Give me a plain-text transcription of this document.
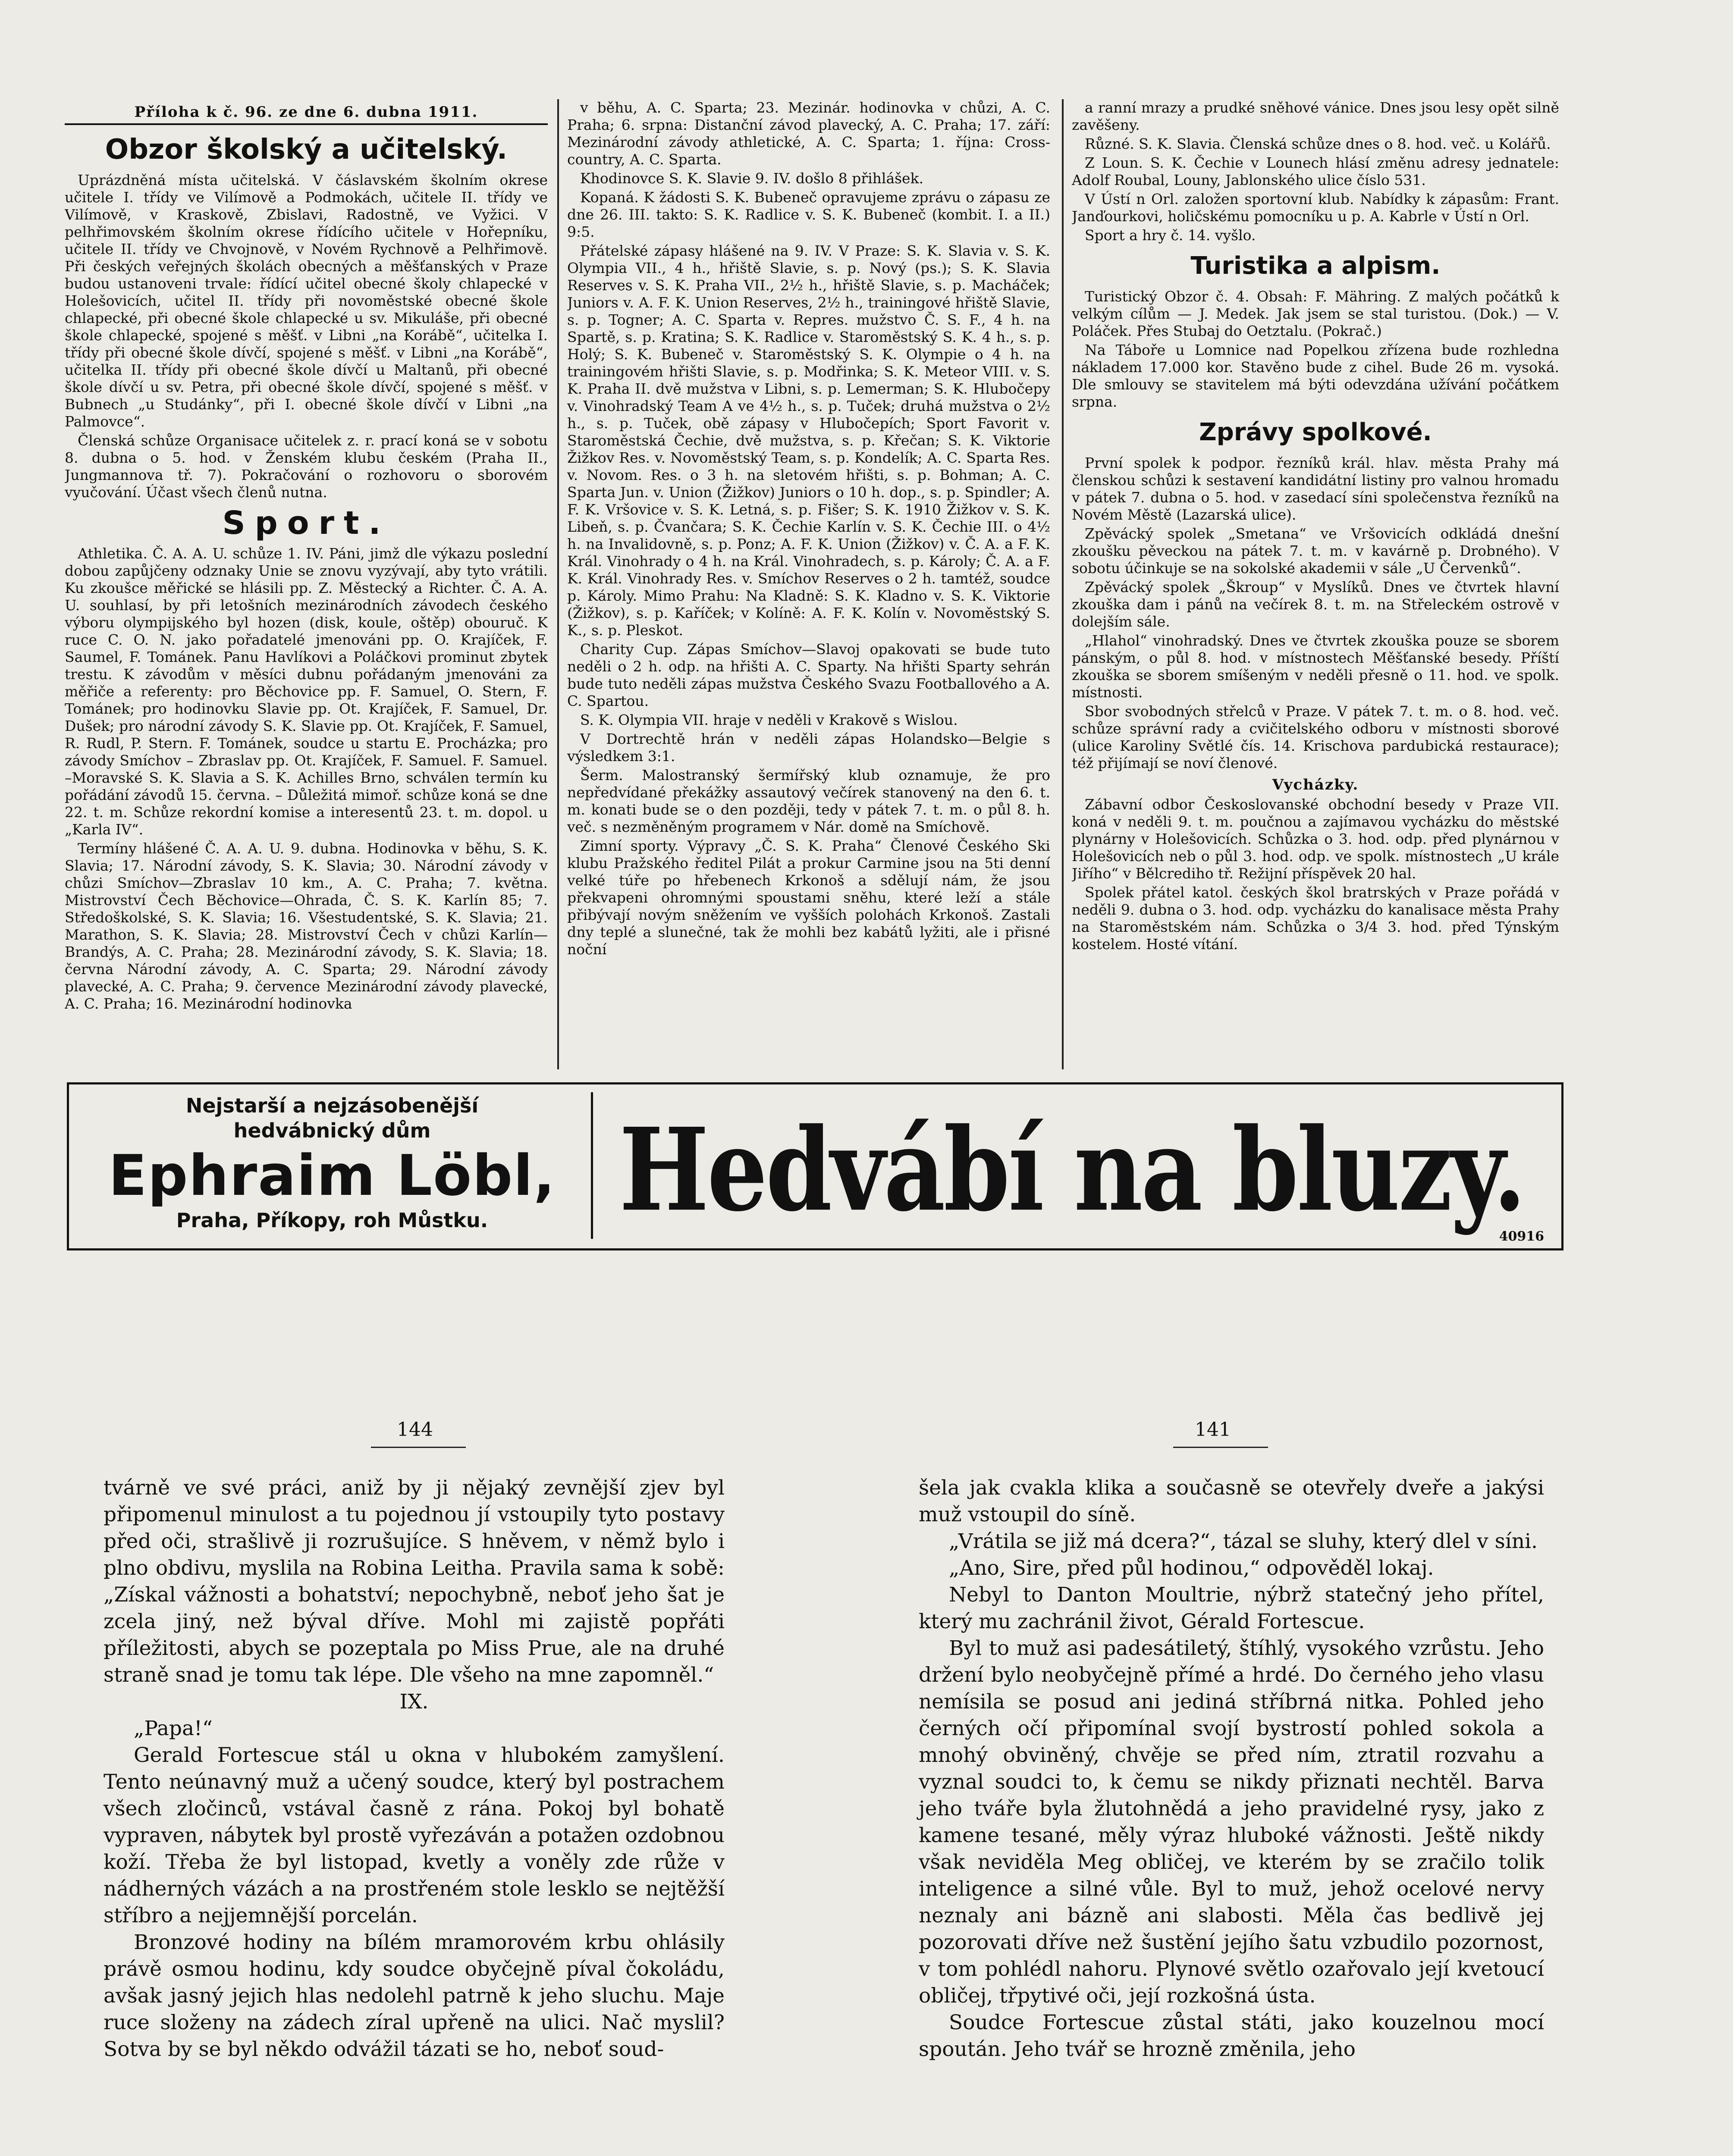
Příloha k č. 96. ze dne 6. dubna 1911.
Obzor školský a učitelský.

Uprázdněná místa učitelská. V čáslavském školním okrese učitele I. třídy ve Vilímově a Podmokách, učitele II. třídy ve Vilímově, v Kraskově, Zbislavi, Radostně, ve Vyžici. V pelhřimovském školním okrese řídícího učitele v Hořepníku, učitele II. třídy ve Chvojnově, v Novém Rychnově a Pelhřimově. Při českých veřejných školách obecných a měšťanských v Praze budou ustanoveni trvale: řídící učitel obecné školy chlapecké v Holešovicích, učitel II. třídy při novoměstské obecné škole chlapecké, při obecné škole chlapecké u sv. Mikuláše, při obecné škole chlapecké, spojené s měšť. v Libni „na Korábě“, učitelka I. třídy při obecné škole dívčí, spojené s měšť. v Libni „na Korábě“, učitelka II. třídy při obecné škole dívčí u Maltanů, při obecné škole dívčí u sv. Petra, při obecné škole dívčí, spojené s měšť. v Bubnech „u Studánky“, při I. obecné škole dívčí v Libni „na Palmovce“.

Členská schůze Organisace učitelek z. r. prací koná se v sobotu 8. dubna o 5. hod. v Ženském klubu českém (Praha II., Jungmannova tř. 7). Pokračování o rozhovoru o sborovém vyučování. Účast všech členů nutna.

Sport.

Athletika. Č. A. A. U. schůze 1. IV. Páni, jimž dle výkazu poslední dobou zapůjčeny odznaky Unie se znovu vyzývají, aby tyto vrátili. Ku zkoušce měřické se hlásili pp. Z. Městecký a Richter. Č. A. A. U. souhlasí, by při letošních mezinárodních závodech českého výboru olympijského byl hozen (disk, koule, oštěp) obouruč. K ruce C. O. N. jako pořadatelé jmenováni pp. O. Krajíček, F. Saumel, F. Tománek. Panu Havlíkovi a Poláčkovi prominut zbytek trestu. K závodům v měsíci dubnu pořádaným jmenováni za měřiče a referenty: pro Běchovice pp. F. Samuel, O. Stern, F. Tománek; pro hodinovku Slavie pp. Ot. Krajíček, F. Samuel, Dr. Dušek; pro národní závody S. K. Slavie pp. Ot. Krajíček, F. Samuel, R. Rudl, P. Stern. F. Tománek, soudce u startu E. Procházka; pro závody Smíchov – Zbraslav pp. Ot. Krajíček, F. Samuel. F. Samuel. –Moravské S. K. Slavia a S. K. Achilles Brno, schválen termín ku pořádání závodů 15. června. – Důležitá mimoř. schůze koná se dne 22. t. m. Schůze rekordní komise a interesentů 23. t. m. dopol. u „Karla IV“.

Termíny hlášené Č. A. A. U. 9. dubna. Hodinovka v běhu, S. K. Slavia; 17. Národní závody, S. K. Slavia; 30. Národní závody v chůzi Smíchov—Zbraslav 10 km., A. C. Praha; 7. května. Mistrovství Čech Běchovice—Ohrada, Č. S. K. Karlín 85; 7. Středoškolské, S. K. Slavia; 16. Všestudentské, S. K. Slavia; 21. Marathon, S. K. Slavia; 28. Mistrovství Čech v chůzi Karlín—Brandýs, A. C. Praha; 28. Mezinárodní závody, S. K. Slavia; 18. června Národní závody, A. C. Sparta; 29. Národní závody plavecké, A. C. Praha; 9. července Mezinárodní závody plavecké, A. C. Praha; 16. Mezinárodní hodinovka

v běhu, A. C. Sparta; 23. Mezinár. hodinovka v chůzi, A. C. Praha; 6. srpna: Distanční závod plavecký, A. C. Praha; 17. září: Mezinárodní závody athletické, A. C. Sparta; 1. října: Cross-country, A. C. Sparta.

Khodinovce S. K. Slavie 9. IV. došlo 8 přihlášek.

Kopaná. K žádosti S. K. Bubeneč opravujeme zprávu o zápasu ze dne 26. III. takto: S. K. Radlice v. S. K. Bubeneč (kombit. I. a II.) 9:5.

Přátelské zápasy hlášené na 9. IV. V Praze: S. K. Slavia v. S. K. Olympia VII., 4 h., hřiště Slavie, s. p. Nový (ps.); S. K. Slavia Reserves v. S. K. Praha VII., 2½ h., hřiště Slavie, s. p. Macháček; Juniors v. A. F. K. Union Reserves, 2½ h., trainingové hřiště Slavie, s. p. Togner; A. C. Sparta v. Repres. mužstvo Č. S. F., 4 h. na Spartě, s. p. Kratina; S. K. Radlice v. Staroměstský S. K. 4 h., s. p. Holý; S. K. Bubeneč v. Staroměstský S. K. Olympie o 4 h. na trainingovém hřišti Slavie, s. p. Modřinka; S. K. Meteor VIII. v. S. K. Praha II. dvě mužstva v Libni, s. p. Lemerman; S. K. Hlubočepy v. Vinohradský Team A ve 4½ h., s. p. Tuček; druhá mužstva o 2½ h., s. p. Tuček, obě zápasy v Hlubočepích; Sport Favorit v. Staroměstská Čechie, dvě mužstva, s. p. Křečan; S. K. Viktorie Žižkov Res. v. Novoměstský Team, s. p. Kondelík; A. C. Sparta Res. v. Novom. Res. o 3 h. na sletovém hřišti, s. p. Bohman; A. C. Sparta Jun. v. Union (Žižkov) Juniors o 10 h. dop., s. p. Spindler; A. F. K. Vršovice v. S. K. Letná, s. p. Fišer; S. K. 1910 Žižkov v. S. K. Libeň, s. p. Čvančara; S. K. Čechie Karlín v. S. K. Čechie III. o 4½ h. na Invalidovně, s. p. Ponz; A. F. K. Union (Žižkov) v. Č. A. a F. K. Král. Vinohrady o 4 h. na Král. Vinohradech, s. p. Károly; Č. A. a F. K. Král. Vinohrady Res. v. Smíchov Reserves o 2 h. tamtéž, soudce p. Károly. Mimo Prahu: Na Kladně: S. K. Kladno v. S. K. Viktorie (Žižkov), s. p. Kaříček; v Kolíně: A. F. K. Kolín v. Novoměstský S. K., s. p. Pleskot.

Charity Cup. Zápas Smíchov—Slavoj opakovati se bude tuto neděli o 2 h. odp. na hřišti A. C. Sparty. Na hřišti Sparty sehrán bude tuto neděli zápas mužstva Českého Svazu Footballového a A. C. Spartou.

S. K. Olympia VII. hraje v neděli v Krakově s Wislou.

V Dortrechtě hrán v neděli zápas Holandsko—Belgie s výsledkem 3:1.

Šerm. Malostranský šermířský klub oznamuje, že pro nepředvídané překážky assautový večírek stanovený na den 6. t. m. konati bude se o den později, tedy v pátek 7. t. m. o půl 8. h. več. s nezměněným programem v Nár. domě na Smíchově.

Zimní sporty. Výpravy „Č. S. K. Praha“ Členové Českého Ski klubu Pražského ředitel Pilát a prokur Carmine jsou na 5ti denní velké túře po hřebenech Krkonoš a sdělují nám, že jsou překvapeni ohromnými spoustami sněhu, které leží a stále přibývají novým sněžením ve vyšších polohách Krkonoš. Zastali dny teplé a slunečné, tak že mohli bez kabátů lyžiti, ale i přisné noční

a ranní mrazy a prudké sněhové vánice. Dnes jsou lesy opět silně zavěšeny.

Různé. S. K. Slavia. Členská schůze dnes o 8. hod. več. u Kolářů.

Z Loun. S. K. Čechie v Lounech hlásí změnu adresy jednatele: Adolf Roubal, Louny, Jablonského ulice číslo 531.

V Ústí n Orl. založen sportovní klub. Nabídky k zápasům: Frant. Janďourkovi, holičskému pomocníku u p. A. Kabrle v Ústí n Orl.

Sport a hry č. 14. vyšlo.

Turistika a alpism.

Turistický Obzor č. 4. Obsah: F. Mähring. Z malých počátků k velkým cílům — J. Medek. Jak jsem se stal turistou. (Dok.) — V. Poláček. Přes Stubaj do Oetztalu. (Pokrač.)

Na Táboře u Lomnice nad Popelkou zřízena bude rozhledna nákladem 17.000 kor. Stavěno bude z cihel. Bude 26 m. vysoká. Dle smlouvy se stavitelem má býti odevzdána užívání počátkem srpna.

Zprávy spolkové.

První spolek k podpor. řezníků král. hlav. města Prahy má členskou schůzi k sestavení kandidátní listiny pro valnou hromadu v pátek 7. dubna o 5. hod. v zasedací síni společenstva řezníků na Novém Městě (Lazarská ulice).

Zpěvácký spolek „Smetana“ ve Vršovicích odkládá dnešní zkoušku pěveckou na pátek 7. t. m. v kavárně p. Drobného). V sobotu účinkuje se na sokolské akademii v sále „U Červenků“.

Zpěvácký spolek „Škroup“ v Myslíků. Dnes ve čtvrtek hlavní zkouška dam i pánů na večírek 8. t. m. na Střeleckém ostrově v dolejším sále.

„Hlahol“ vinohradský. Dnes ve čtvrtek zkouška pouze se sborem pánským, o půl 8. hod. v místnostech Měšťanské besedy. Příští zkouška se sborem smíšeným v neděli přesně o 11. hod. ve spolk. místnosti.

Sbor svobodných střelců v Praze. V pátek 7. t. m. o 8. hod. več. schůze správní rady a cvičitelského odboru v místnosti sborové (ulice Karoliny Světlé čís. 14. Krischova pardubická restaurace); též přijímají se noví členové.

Vycházky.

Zábavní odbor Českoslovanské obchodní besedy v Praze VII. koná v neděli 9. t. m. poučnou a zajímavou vycházku do městské plynárny v Holešovicích. Schůzka o 3. hod. odp. před plynárnou v Holešovicích neb o půl 3. hod. odp. ve spolk. místnostech „U krále Jiřího“ v Bělcrediho tř. Režijní příspěvek 20 hal.

Spolek přátel katol. českých škol bratrských v Praze pořádá v neděli 9. dubna o 3. hod. odp. vycházku do kanalisace města Prahy na Staroměstském nám. Schůzka o 3/4 3. hod. před Týnským kostelem. Hosté vítání.

Nejstarší a nejzásobenější
hedvábnický dům
Ephraim Löbl,
Praha, Příkopy, roh Můstku.	Hedvábí na bluzy.
40916
144	141

tvárně ve své práci, aniž by ji nějaký zevnější zjev byl připomenul minulost a tu pojednou jí vstoupily tyto postavy před oči, strašlivě ji rozrušujíce. S hněvem, v němž bylo i plno obdivu, myslila na Robina Leitha. Pravila sama k sobě: „Získal vážnosti a bohatství; nepochybně, neboť jeho šat je zcela jiný, než býval dříve. Mohl mi zajistě popřáti příležitosti, abych se pozeptala po Miss Prue, ale na druhé straně snad je tomu tak lépe. Dle všeho na mne zapomněl.“

IX.

„Papa!“

Gerald Fortescue stál u okna v hlubokém zamyšlení. Tento neúnavný muž a učený soudce, který byl postrachem všech zločinců, vstával časně z rána. Pokoj byl bohatě vypraven, nábytek byl prostě vyřezáván a potažen ozdobnou koží. Třeba že byl listopad, kvetly a voněly zde růže v nádherných vázách a na prostřeném stole lesklo se nejtěžší stříbro a nejjemnější porcelán.

Bronzové hodiny na bílém mramorovém krbu ohlásily právě osmou hodinu, kdy soudce obyčejně píval čokoládu, avšak jasný jejich hlas nedolehl patrně k jeho sluchu. Maje ruce složeny na zádech zíral upřeně na ulici. Nač myslil? Sotva by se byl někdo odvážil tázati se ho, neboť soud-

šela jak cvakla klika a současně se otevřely dveře a jakýsi muž vstoupil do síně.

„Vrátila se již má dcera?“, tázal se sluhy, který dlel v síni.

„Ano, Sire, před půl hodinou,“ odpověděl lokaj.

Nebyl to Danton Moultrie, nýbrž statečný jeho přítel, který mu zachránil život, Gérald Fortescue.

Byl to muž asi padesátiletý, štíhlý, vysokého vzrůstu. Jeho držení bylo neobyčejně přímé a hrdé. Do černého jeho vlasu nemísila se posud ani jediná stříbrná nitka. Pohled jeho černých očí připomínal svojí bystrostí pohled sokola a mnohý obviněný, chvěje se před ním, ztratil rozvahu a vyznal soudci to, k čemu se nikdy přiznati nechtěl. Barva jeho tváře byla žlutohnědá a jeho pravidelné rysy, jako z kamene tesané, měly výraz hluboké vážnosti. Ještě nikdy však neviděla Meg obličej, ve kterém by se zračilo tolik inteligence a silné vůle. Byl to muž, jehož ocelové nervy neznaly ani bázně ani slabosti. Měla čas bedlivě jej pozorovati dříve než šustění jejího šatu vzbudilo pozornost, v tom pohlédl nahoru. Plynové světlo ozařovalo její kvetoucí obličej, třpytivé oči, její rozkošná ústa.

Soudce Fortescue zůstal státi, jako kouzelnou mocí spoután. Jeho tvář se hrozně změnila, jeho
